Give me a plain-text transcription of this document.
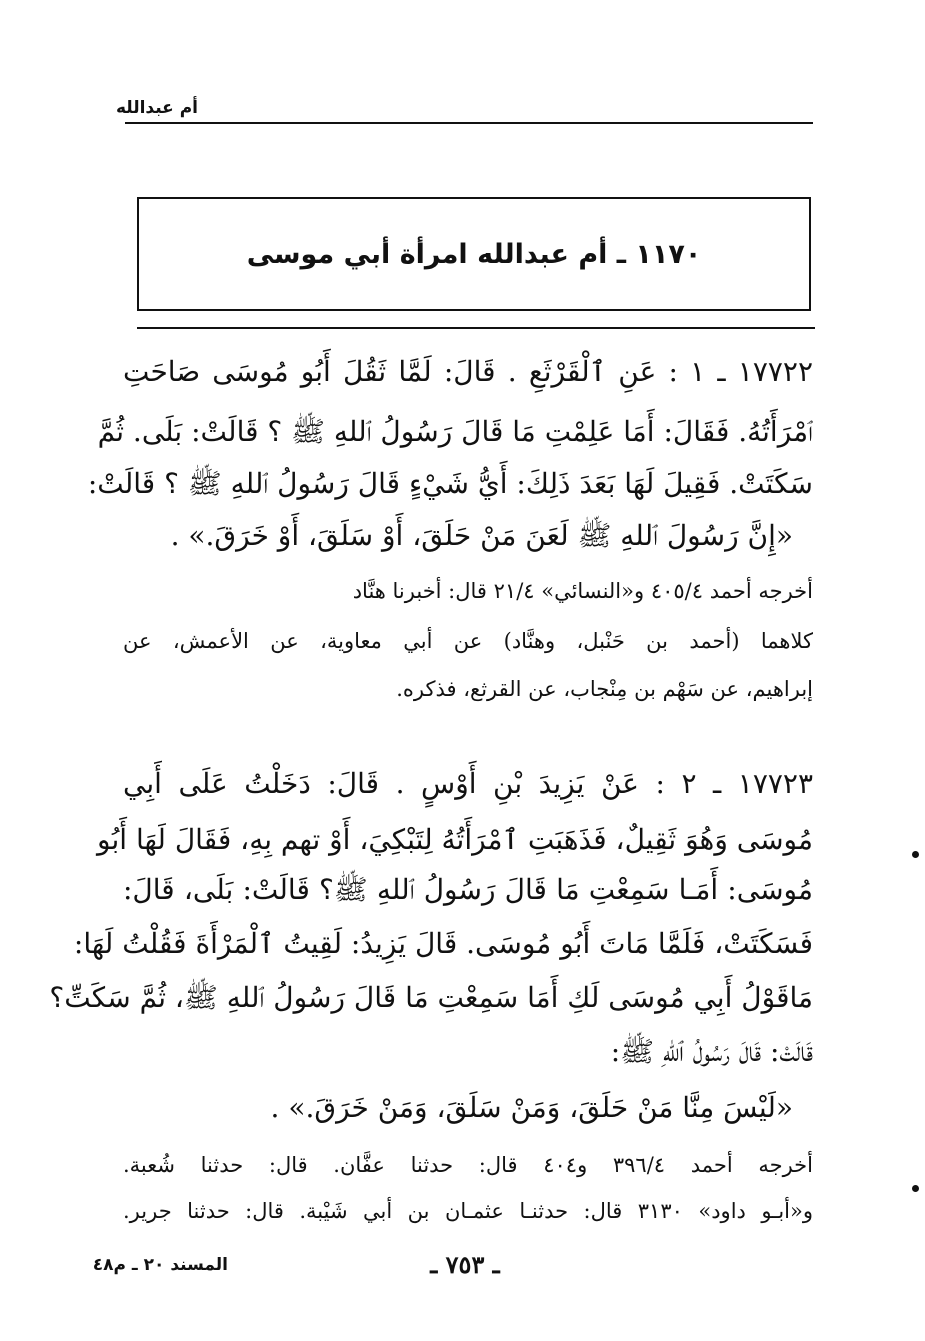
أم عبدالله
١١٧٠ ـ أم عبدالله امرأة أبي موسى
١٧٧٢٢ ـ ١ : عَنِ ٱلْقَرْثَعِ . قَالَ: لَمَّا ثَقُلَ أَبُو مُوسَى صَاحَتِ
ٱمْرَأَتُهُ. فَقَالَ: أَمَا عَلِمْتِ مَا قَالَ رَسُولُ ٱللهِ ﷺ ؟ قَالَتْ: بَلَى. ثُمَّ
سَكَتَتْ. فَقِيلَ لَهَا بَعَدَ ذَلِكَ: أَيُّ شَيْءٍ قَالَ رَسُولُ ٱللهِ ﷺ ؟ قَالَتْ:
«إِنَّ رَسُولَ ٱللهِ ﷺ لَعَنَ مَنْ حَلَقَ، أَوْ سَلَقَ، أَوْ خَرَقَ.» .
أخرجه أحمد ٤٠٥/٤ و«النسائي» ٢١/٤ قال: أخبرنا هنَّاد
كلاهما (أحمد بن حَنْبل، وهنَّاد) عن أبي معاوية، عن الأعمش، عن
إبراهيم، عن سَهْم بن مِنْجاب، عن القرثع، فذكره.
١٧٧٢٣ ـ ٢ : عَنْ يَزِيدَ بْنِ أَوْسٍ . قَالَ: دَخَلْتُ عَلَى أَبِي
مُوسَى وَهُوَ ثَقِيلٌ، فَذَهَبَتِ ٱمْرَأَتُهُ لِتَبْكِيَ، أَوْ تهم بِهِ، فَقَالَ لَهَا أَبُو
مُوسَى: أَمَـا سَمِعْتِ مَا قَالَ رَسُولُ ٱللهِ ﷺ؟ قَالَتْ: بَلَى، قَالَ:
فَسَكَتَتْ، فَلَمَّا مَاتَ أَبُو مُوسَى. قَالَ يَزِيدُ: لَقِيتُ ٱلْمَرْأَةَ فَقُلْتُ لَهَا:
مَاقَوْلُ أَبِي مُوسَى لَكِ أَمَا سَمِعْتِ مَا قَالَ رَسُولُ ٱللهِ ﷺ، ثُمَّ سَكَتِّ؟
قَالَتْ: قَالَ رَسُولُ ٱللهِ ﷺ:
«لَيْسَ مِنَّا مَنْ حَلَقَ، وَمَنْ سَلَقَ، وَمَنْ خَرَقَ.» .
أخرجه أحمد ٣٩٦/٤ و٤٠٤ قال: حدثنا عفَّان. قال: حدثنا شُعبة.
و«أبـو داود» ٣١٣٠ قال: حدثنـا عثمـان بن أبي شَيْبة. قال: حدثنا جرير.
المسند ٢٠ ـ م٤٨	ـ ٧٥٣ ـ
